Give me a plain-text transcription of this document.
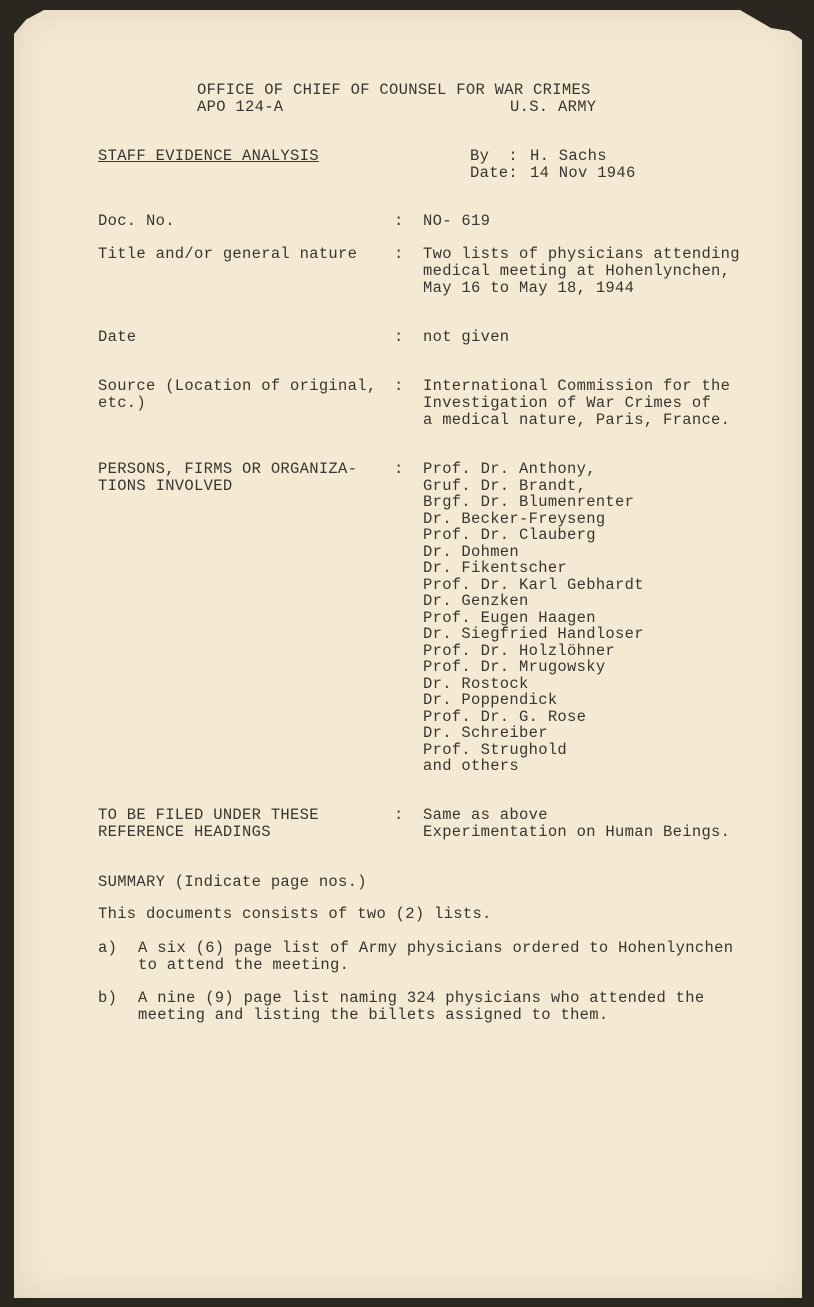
OFFICE OF CHIEF OF COUNSEL FOR WAR CRIMES
APO 124-A	U.S. ARMY
STAFF EVIDENCE ANALYSIS	By  : H. Sachs
Date: 14 Nov 1946
Doc. No.	: NO- 619
Title and/or general nature : Two lists of physicians attending
medical meeting at Hohenlynchen,
May 16 to May 18, 1944
Date	: not given
Source (Location of original,
etc.)
: International Commission for the
Investigation of War Crimes of
a medical nature, Paris, France.
PERSONS, FIRMS OR ORGANIZA-
TIONS INVOLVED
: Prof. Dr. Anthony,
Gruf. Dr. Brandt,
Brgf. Dr. Blumenrenter
Dr. Becker-Freyseng
Prof. Dr. Clauberg
Dr. Dohmen
Dr. Fikentscher
Prof. Dr. Karl Gebhardt
Dr. Genzken
Prof. Eugen Haagen
Dr. Siegfried Handloser
Prof. Dr. Holzlöhner
Prof. Dr. Mrugowsky
Dr. Rostock
Dr. Poppendick
Prof. Dr. G. Rose
Dr. Schreiber
Prof. Strughold
and others
TO BE FILED UNDER THESE
REFERENCE HEADINGS
: Same as above
Experimentation on Human Beings.
SUMMARY (Indicate page nos.)
This documents consists of two (2) lists.
a) A six (6) page list of Army physicians ordered to Hohenlynchen
to attend the meeting.
b) A nine (9) page list naming 324 physicians who attended the
meeting and listing the billets assigned to them.
